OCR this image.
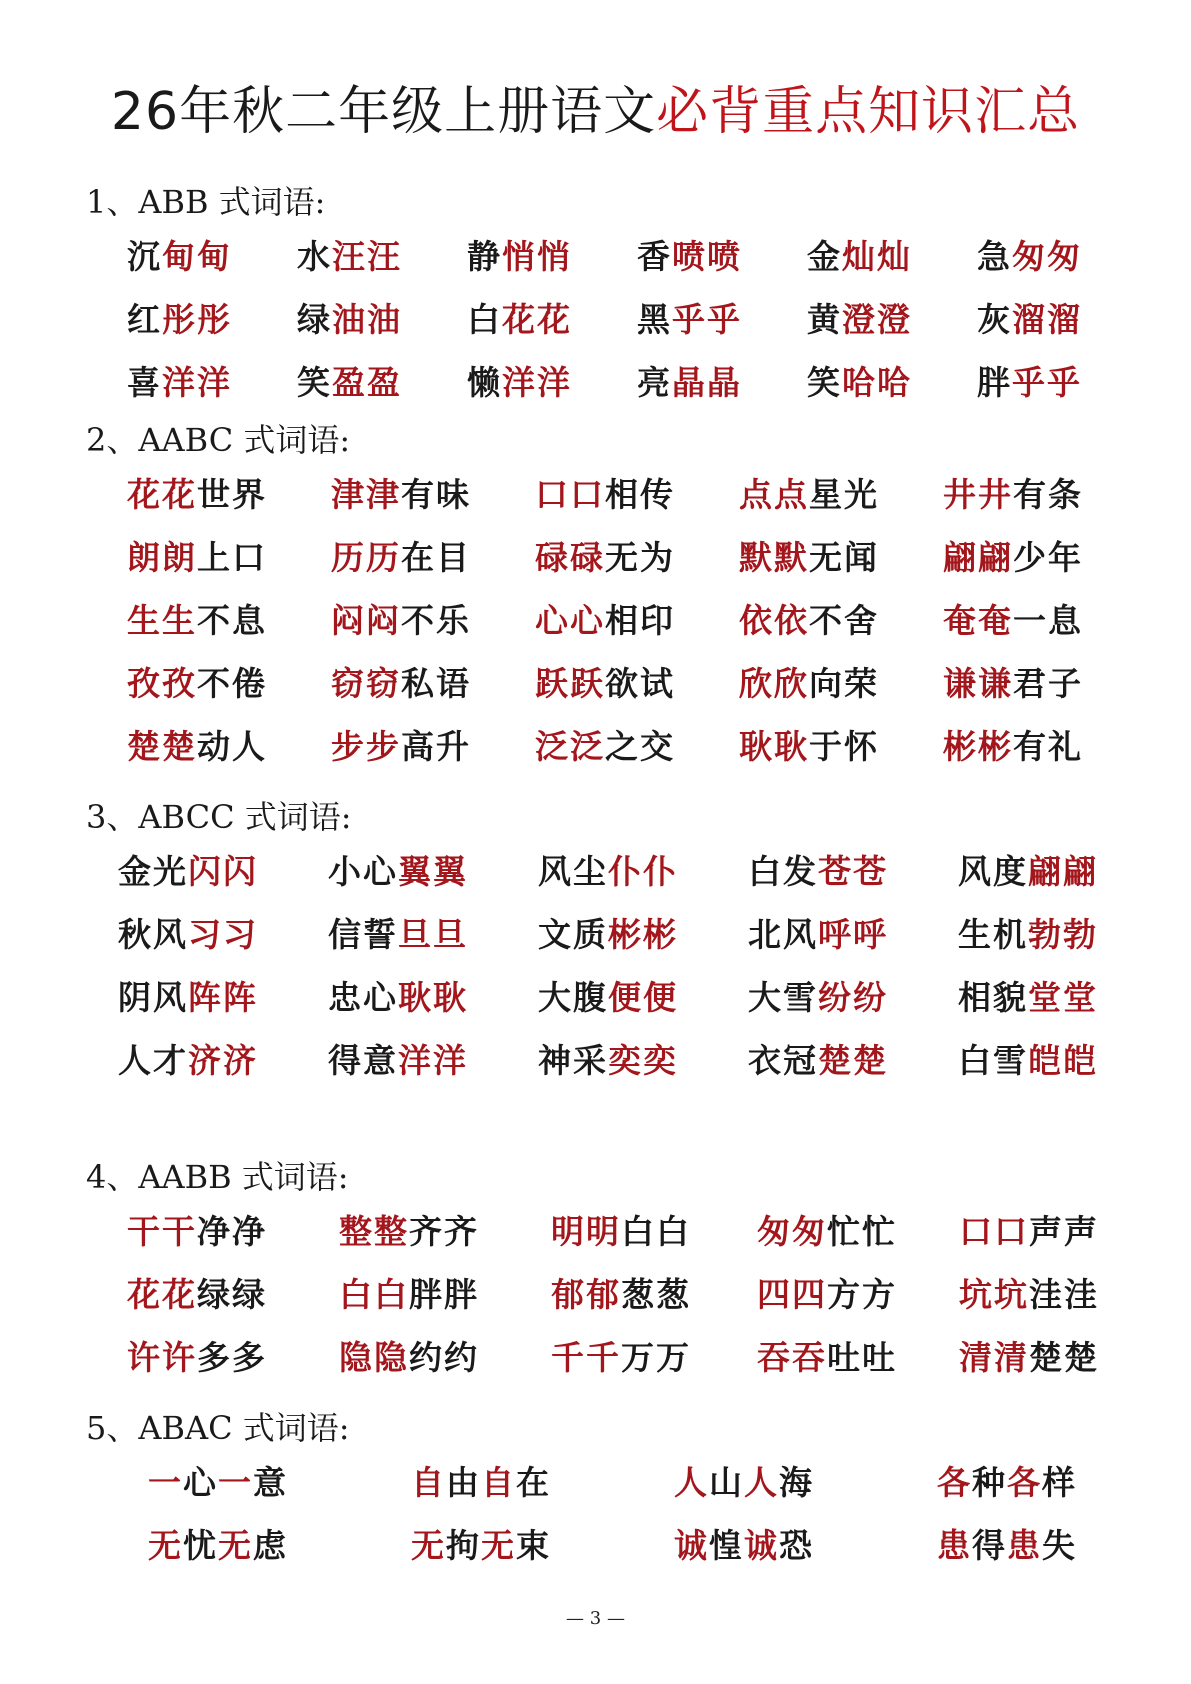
26年秋二年级上册语文必背重点知识汇总
1、ABB 式词语:
沉甸甸 水汪汪 静悄悄 香喷喷 金灿灿 急匆匆
红彤彤 绿油油 白花花 黑乎乎 黄澄澄 灰溜溜
喜洋洋 笑盈盈 懒洋洋 亮晶晶 笑哈哈 胖乎乎
2、AABC 式词语:
花花世界 津津有味 口口相传 点点星光 井井有条
朗朗上口 历历在目 碌碌无为 默默无闻 翩翩少年
生生不息 闷闷不乐 心心相印 依依不舍 奄奄一息
孜孜不倦 窃窃私语 跃跃欲试 欣欣向荣 谦谦君子
楚楚动人 步步高升 泛泛之交 耿耿于怀 彬彬有礼
3、ABCC 式词语:
金光闪闪 小心翼翼 风尘仆仆 白发苍苍 风度翩翩
秋风习习 信誓旦旦 文质彬彬 北风呼呼 生机勃勃
阴风阵阵 忠心耿耿 大腹便便 大雪纷纷 相貌堂堂
人才济济 得意洋洋 神采奕奕 衣冠楚楚 白雪皑皑
4、AABB 式词语:
干干净净 整整齐齐 明明白白 匆匆忙忙 口口声声
花花绿绿 白白胖胖 郁郁葱葱 四四方方 坑坑洼洼
许许多多 隐隐约约 千千万万 吞吞吐吐 清清楚楚
5、ABAC 式词语:
一心一意	自由自在	人山人海	各种各样
无忧无虑	无拘无束	诚惶诚恐	患得患失
— 3 —
